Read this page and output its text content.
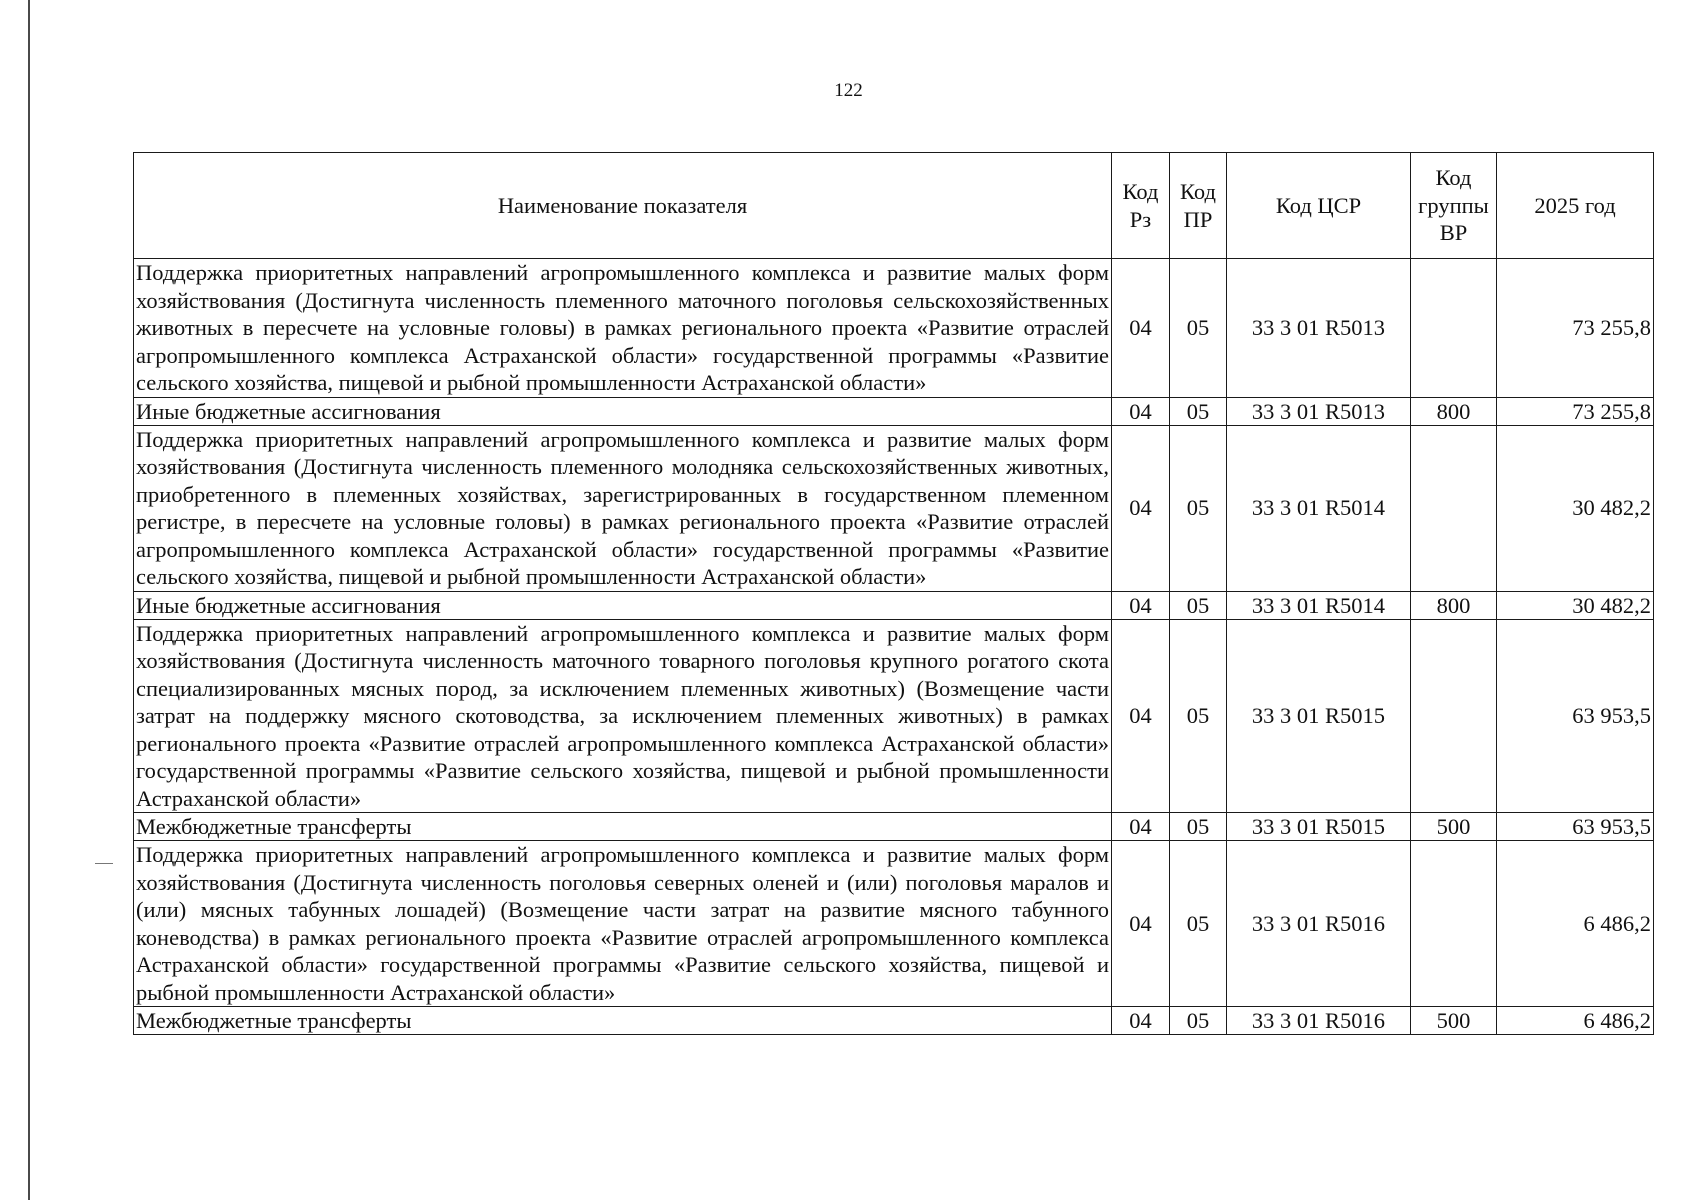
122
Наименование показателя	Код Рз	Код ПР	Код ЦСР	Код группы ВР	2025 год
Поддержка приоритетных направлений агропромышленного комплекса и развитие малых форм хозяйствования (Достигнута численность племенного маточного поголовья сельскохозяйственных животных в пересчете на условные головы) в рамках регионального проекта «Развитие отраслей агропромышленного комплекса Астраханской области» государственной программы «Развитие сельского хозяйства, пищевой и рыбной промышленности Астраханской области»	04	05	33 3 01 R5013		73 255,8
Иные бюджетные ассигнования	04	05	33 3 01 R5013	800	73 255,8
Поддержка приоритетных направлений агропромышленного комплекса и развитие малых форм хозяйствования (Достигнута численность племенного молодняка сельскохозяйственных животных, приобретенного в племенных хозяйствах, зарегистрированных в государственном племенном регистре, в пересчете на условные головы) в рамках регионального проекта «Развитие отраслей агропромышленного комплекса Астраханской области» государственной программы «Развитие сельского хозяйства, пищевой и рыбной промышленности Астраханской области»	04	05	33 3 01 R5014		30 482,2
Иные бюджетные ассигнования	04	05	33 3 01 R5014	800	30 482,2
Поддержка приоритетных направлений агропромышленного комплекса и развитие малых форм хозяйствования (Достигнута численность маточного товарного поголовья крупного рогатого скота специализированных мясных пород, за исключением племенных животных) (Возмещение части затрат на поддержку мясного скотоводства, за исключением племенных животных) в рамках регионального проекта «Развитие отраслей агропромышленного комплекса Астраханской области» государственной программы «Развитие сельского хозяйства, пищевой и рыбной промышленности Астраханской области»	04	05	33 3 01 R5015		63 953,5
Межбюджетные трансферты	04	05	33 3 01 R5015	500	63 953,5
Поддержка приоритетных направлений агропромышленного комплекса и развитие малых форм хозяйствования (Достигнута численность поголовья северных оленей и (или) поголовья маралов и (или) мясных табунных лошадей) (Возмещение части затрат на развитие мясного табунного коневодства) в рамках регионального проекта «Развитие отраслей агропромышленного комплекса Астраханской области» государственной программы «Развитие сельского хозяйства, пищевой и рыбной промышленности Астраханской области»	04	05	33 3 01 R5016		6 486,2
Межбюджетные трансферты	04	05	33 3 01 R5016	500	6 486,2
